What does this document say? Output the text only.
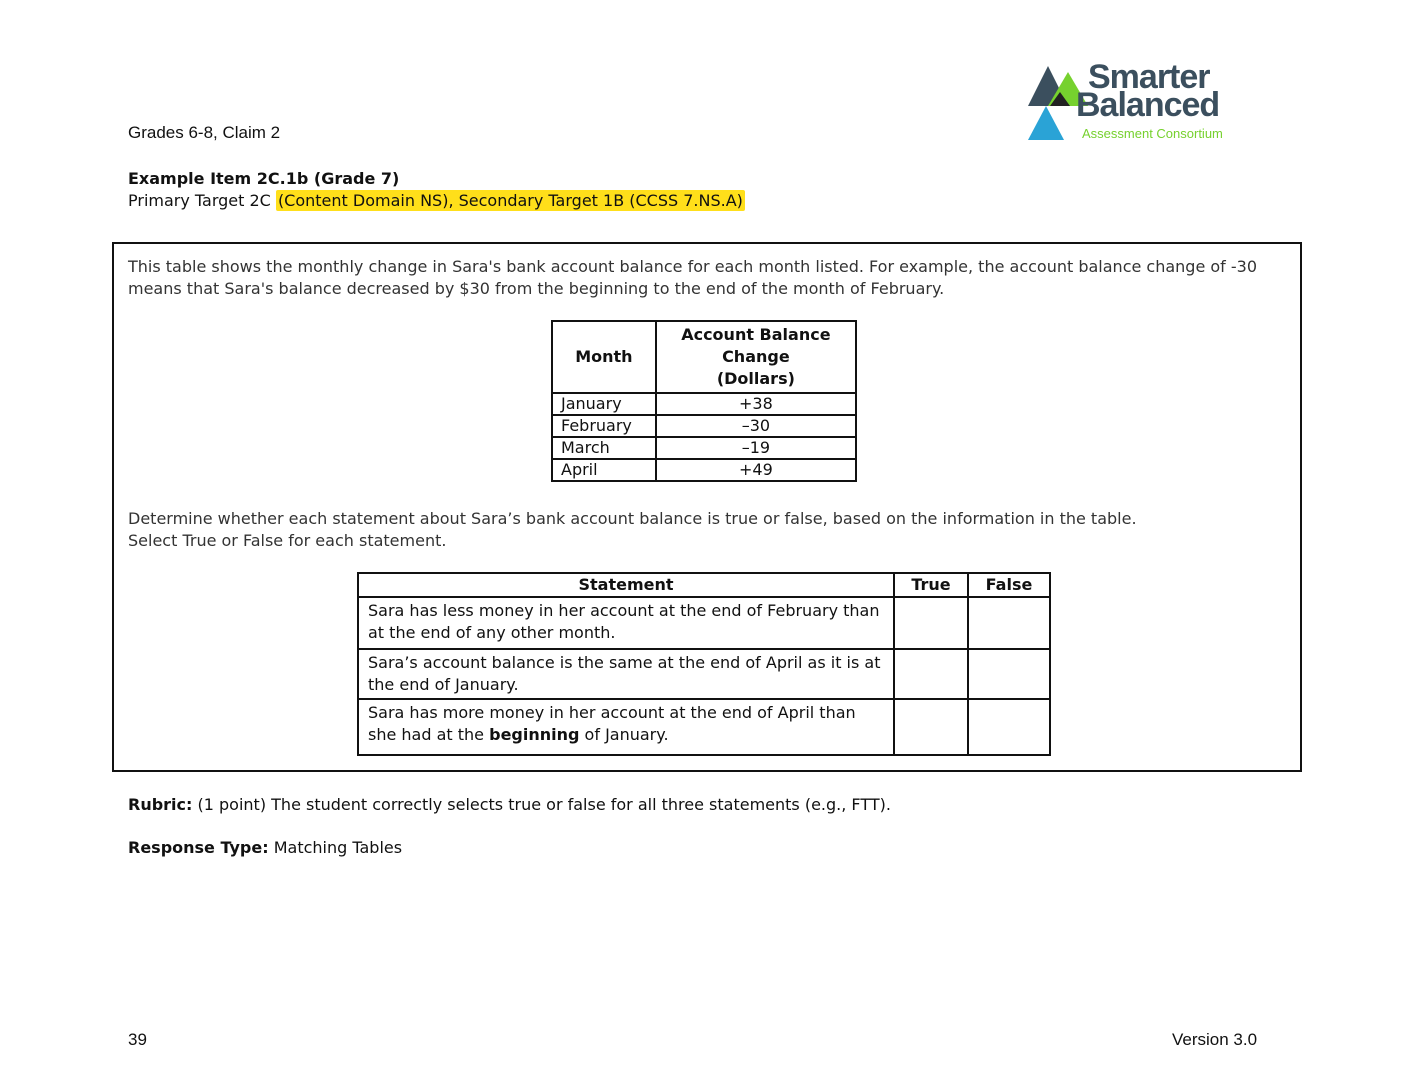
Smarter
Balanced
Assessment Consortium
Grades 6-8, Claim 2
Example Item 2C.1b (Grade 7)
Primary Target 2C (Content Domain NS), Secondary Target 1B (CCSS 7.NS.A)
This table shows the monthly change in Sara's bank account balance for each month listed. For example, the account balance change of -30 means that Sara's balance decreased by $30 from the beginning to the end of the month of February.
Month	Account Balance
Change
(Dollars)
January	+38
February	–30
March	–19
April	+49
Determine whether each statement about Sara’s bank account balance is true or false, based on the information in the table.
Select True or False for each statement.
Statement	True	False
Sara has less money in her account at the end of February than at the end of any other month.		
Sara’s account balance is the same at the end of April as it is at the end of January.		
Sara has more money in her account at the end of April than she had at the beginning of January.		
Rubric: (1 point) The student correctly selects true or false for all three statements (e.g., FTT).
Response Type: Matching Tables
39	Version 3.0
